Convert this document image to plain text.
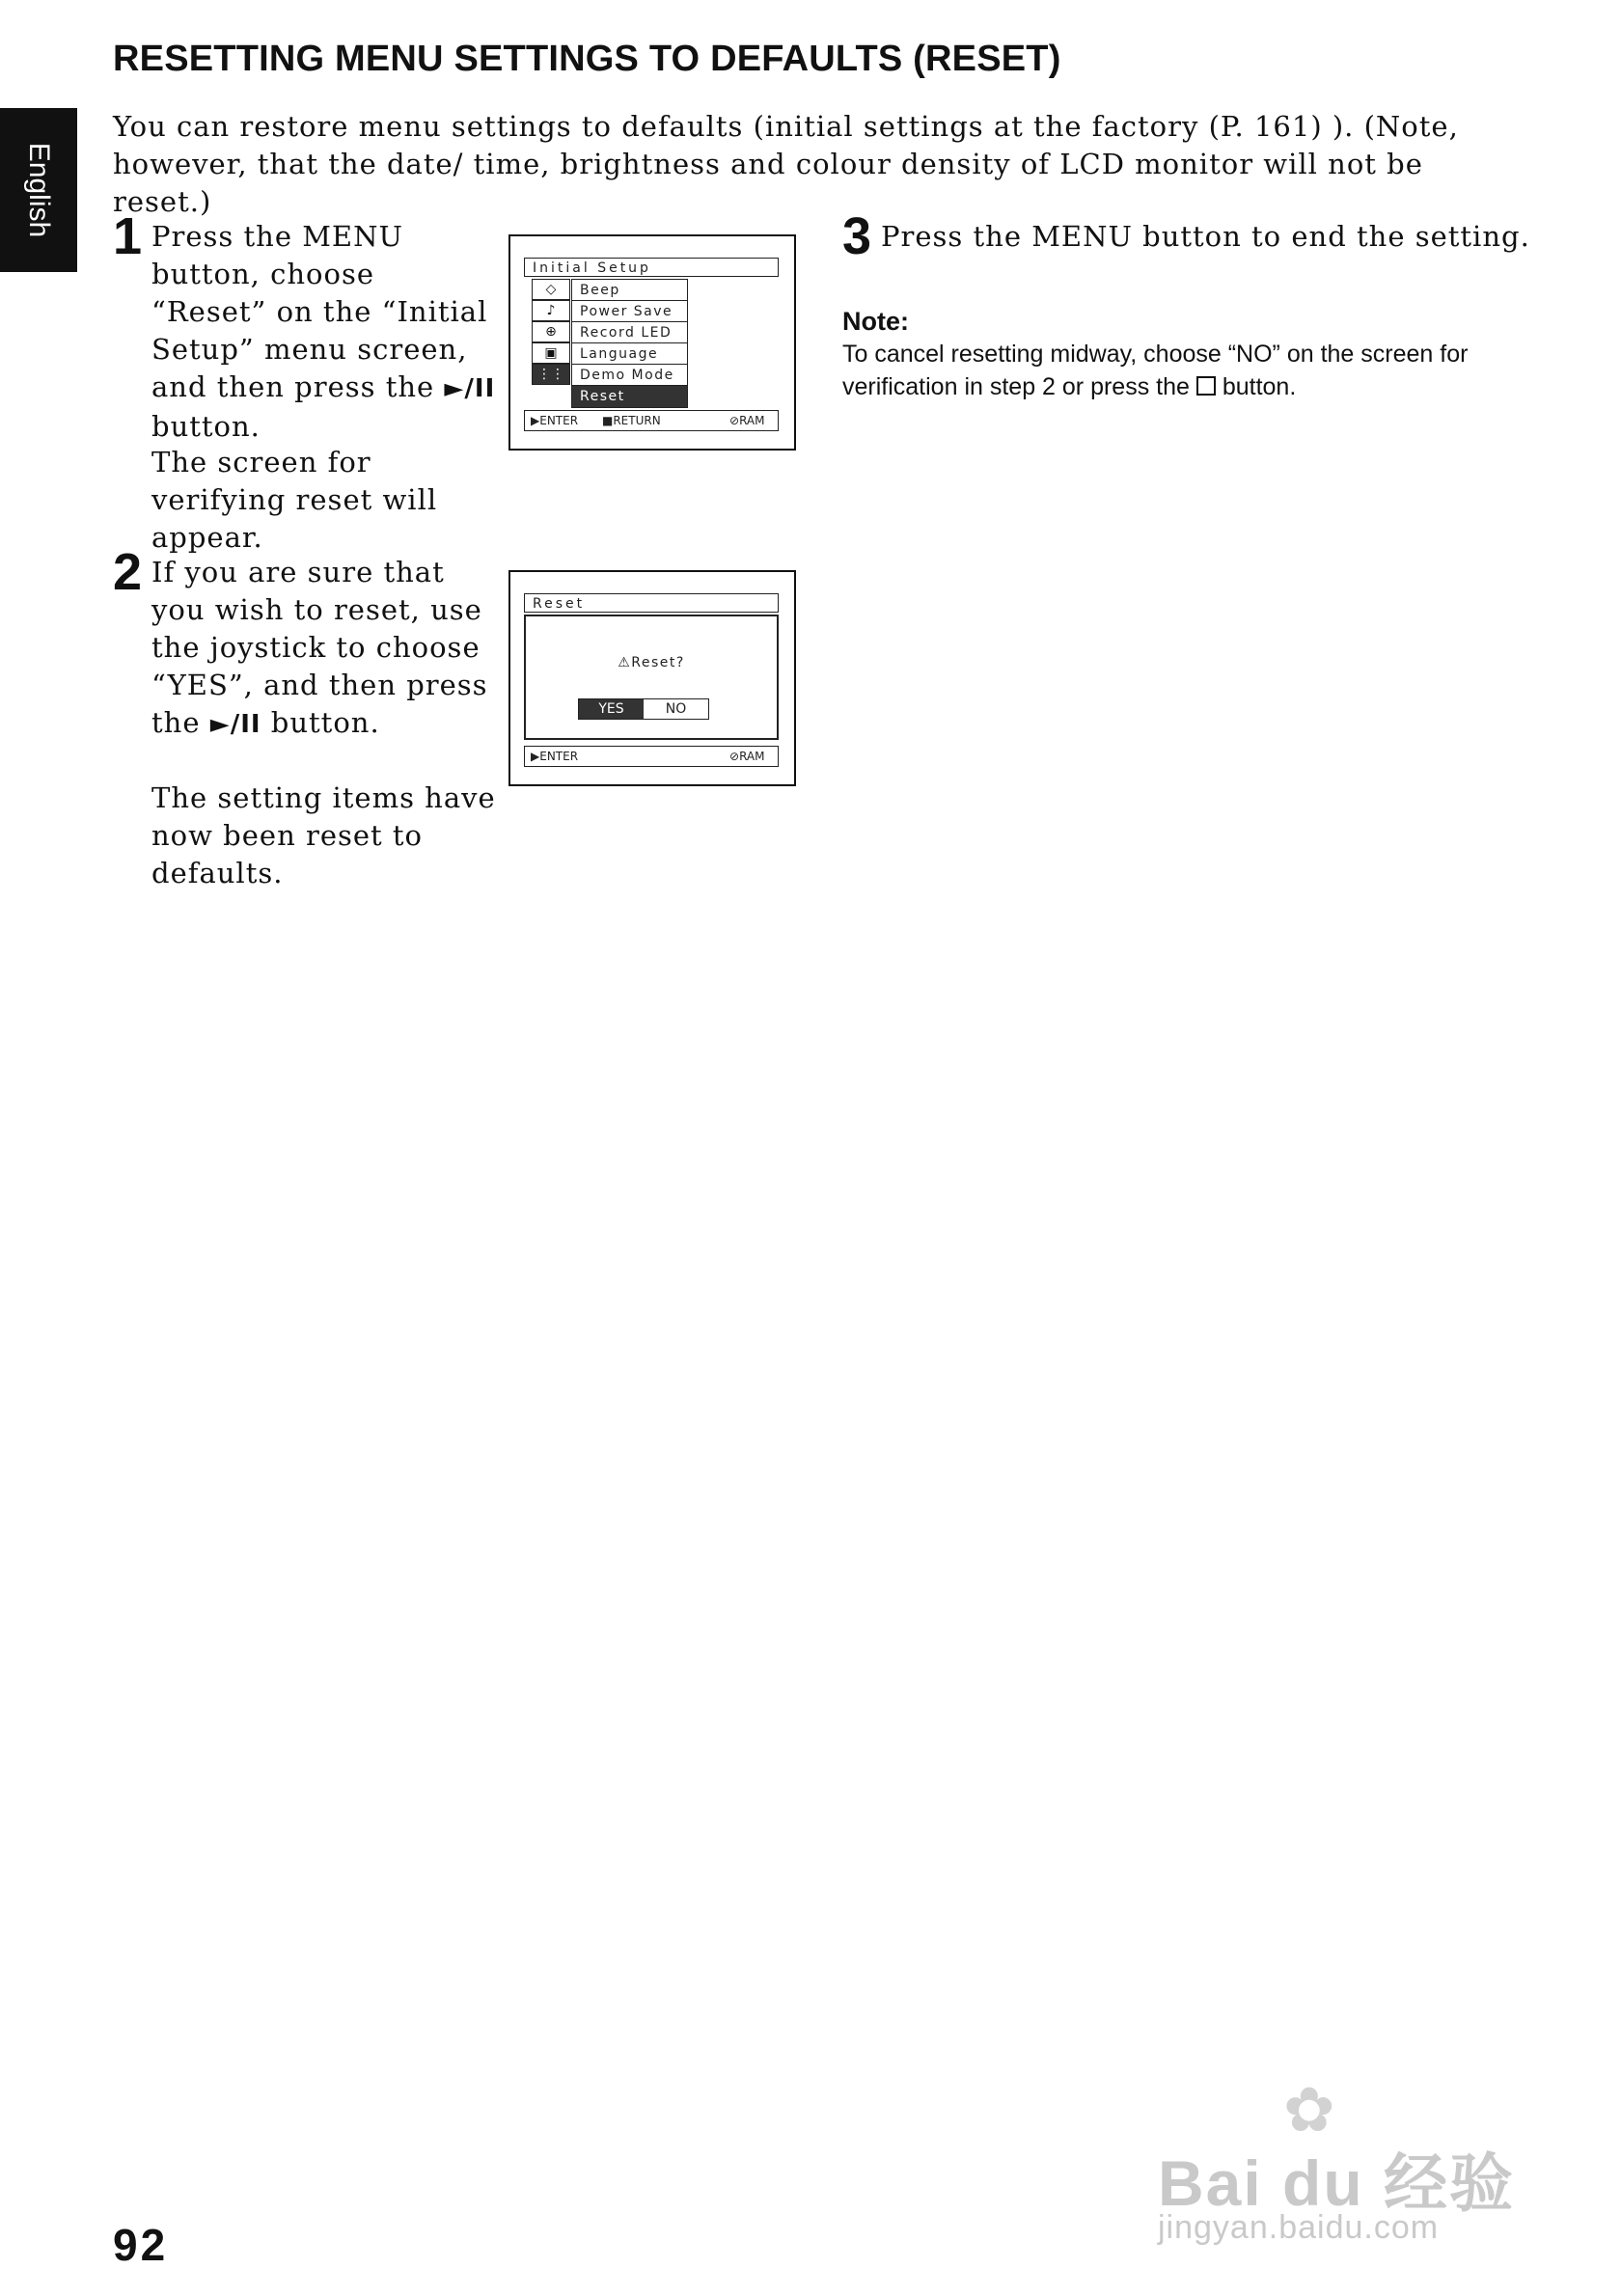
English
RESETTING MENU SETTINGS TO DEFAULTS (RESET)

You can restore menu settings to defaults (initial settings at the factory (P. 161) ). (Note, however, that the date/ time, brightness and colour density of LCD monitor will not be reset.)

1 Press the MENU button, choose “Reset” on the “Initial Setup” menu screen, and then press the ►/II button.

The screen for verifying reset will appear.

Initial Setup
◇
♪
⊕
▣
⋮⋮
Beep
Power Save
Record LED
Language
Demo Mode
Reset
▶ENTER ■RETURN	⊘RAM
2 If you are sure that you wish to reset, use the joystick to choose “YES”, and then press the ►/II button.

The setting items have now been reset to defaults.

Reset
⚠Reset?
YES	NO
▶ENTER	⊘RAM
3 Press the MENU button to end the setting.

Note:

To cancel resetting midway, choose “NO” on the screen for verification in step 2 or press the button.

92

✿
Bai du 经验
jingyan.baidu.com
